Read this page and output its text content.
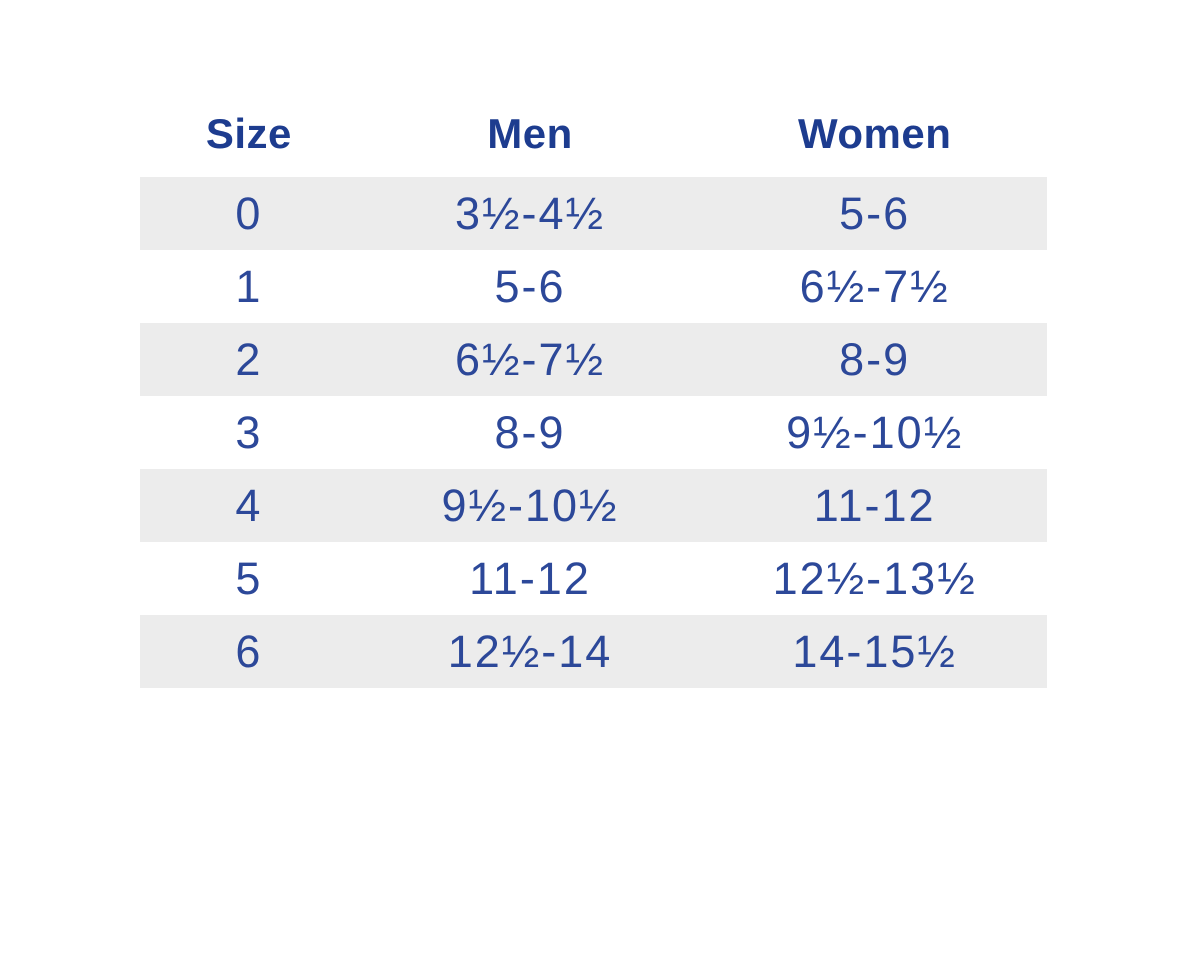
Size	Men	Women
0	3½-4½	5-6
1	5-6	6½-7½
2	6½-7½	8-9
3	8-9	9½-10½
4	9½-10½	11-12
5	11-12	12½-13½
6	12½-14	14-15½
